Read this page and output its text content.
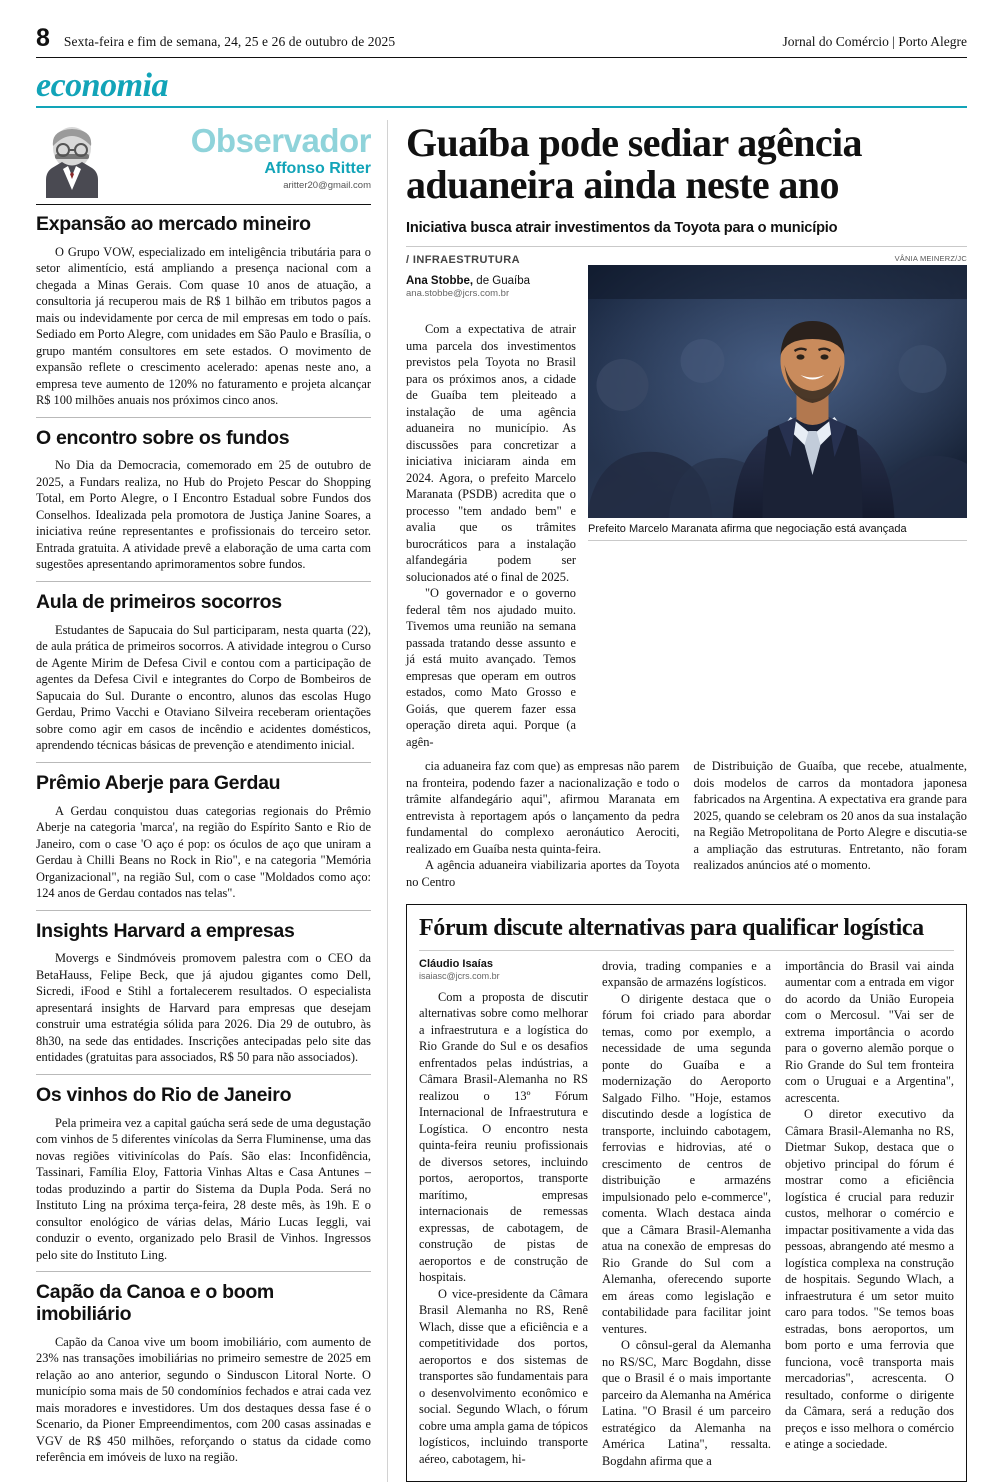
8 Sexta-feira e fim de semana, 24, 25 e 26 de outubro de 2025	Jornal do Comércio | Porto Alegre
economia
Observador
Affonso Ritter
aritter20@gmail.com
Expansão ao mercado mineiro
O Grupo VOW, especializado em inteligência tributária para o setor alimentício, está ampliando a presença nacional com a chegada a Minas Gerais. Com quase 10 anos de atuação, a consultoria já recuperou mais de R$ 1 bilhão em tributos pagos a mais ou indevidamente por cerca de mil empresas em todo o país. Sediado em Porto Alegre, com unidades em São Paulo e Brasília, o grupo mantém consultores em sete estados. O movimento de expansão reflete o crescimento acelerado: apenas neste ano, a empresa teve aumento de 120% no faturamento e projeta alcançar R$ 100 milhões anuais nos próximos cinco anos.
O encontro sobre os fundos
No Dia da Democracia, comemorado em 25 de outubro de 2025, a Fundars realiza, no Hub do Projeto Pescar do Shopping Total, em Porto Alegre, o I Encontro Estadual sobre Fundos dos Conselhos. Idealizada pela promotora de Justiça Janine Soares, a iniciativa reúne representantes e profissionais do terceiro setor. Entrada gratuita. A atividade prevê a elaboração de uma carta com sugestões apresentando aprimoramentos sobre fundos.
Aula de primeiros socorros
Estudantes de Sapucaia do Sul participaram, nesta quarta (22), de aula prática de primeiros socorros. A atividade integrou o Curso de Agente Mirim de Defesa Civil e contou com a participação de agentes da Defesa Civil e integrantes do Corpo de Bombeiros de Sapucaia do Sul. Durante o encontro, alunos das escolas Hugo Gerdau, Primo Vacchi e Otaviano Silveira receberam orientações sobre como agir em casos de incêndio e acidentes domésticos, aprendendo técnicas básicas de prevenção e atendimento inicial.
Prêmio Aberje para Gerdau
A Gerdau conquistou duas categorias regionais do Prêmio Aberje na categoria 'marca', na região do Espírito Santo e Rio de Janeiro, com o case 'O aço é pop: os óculos de aço que uniram a Gerdau à Chilli Beans no Rock in Rio", e na categoria "Memória Organizacional", na região Sul, com o case "Moldados como aço: 124 anos de Gerdau contados nas telas".
Insights Harvard a empresas
Movergs e Sindmóveis promovem palestra com o CEO da BetaHauss, Felipe Beck, que já ajudou gigantes como Dell, Sicredi, iFood e Stihl a fortalecerem resultados. O especialista apresentará insights de Harvard para empresas que desejam construir uma estratégia sólida para 2026. Dia 29 de outubro, às 8h30, na sede das entidades. Inscrições antecipadas pelo site das entidades (gratuitas para associados, R$ 50 para não associados).
Os vinhos do Rio de Janeiro
Pela primeira vez a capital gaúcha será sede de uma degustação com vinhos de 5 diferentes vinícolas da Serra Fluminense, uma das novas regiões vitivinícolas do País. São elas: Inconfidência, Tassinari, Família Eloy, Fattoria Vinhas Altas e Casa Antunes – todas produzindo a partir do Sistema da Dupla Poda. Será no Instituto Ling na próxima terça-feira, 28 deste mês, às 19h. E o consultor enológico de várias delas, Mário Lucas Ieggli, vai conduzir o evento, organizado pelo Brasil de Vinhos. Ingressos pelo site do Instituto Ling.
Capão da Canoa e o boom imobiliário
Capão da Canoa vive um boom imobiliário, com aumento de 23% nas transações imobiliárias no primeiro semestre de 2025 em relação ao ano anterior, segundo o Sinduscon Litoral Norte. O município soma mais de 50 condomínios fechados e atrai cada vez mais moradores e investidores. Um dos destaques dessa fase é o Scenario, da Pioner Empreendimentos, com 200 casas assinadas e VGV de R$ 450 milhões, reforçando o status da cidade como referência em imóveis de luxo na região.
Guaíba pode sediar agência aduaneira ainda neste ano
Iniciativa busca atrair investimentos da Toyota para o município
/ INFRAESTRUTURA
Ana Stobbe, de Guaíba
ana.stobbe@jcrs.com.br
Com a expectativa de atrair uma parcela dos investimentos previstos pela Toyota no Brasil para os próximos anos, a cidade de Guaíba tem pleiteado a instalação de uma agência aduaneira no município. As discussões para concretizar a iniciativa iniciaram ainda em 2024. Agora, o prefeito Marcelo Maranata (PSDB) acredita que o processo "tem andado bem" e avalia que os trâmites burocráticos para a instalação alfandegária podem ser solucionados até o final de 2025.
"O governador e o governo federal têm nos ajudado muito. Tivemos uma reunião na semana passada tratando desse assunto e já está muito avançado. Temos empresas que operam em outros estados, como Mato Grosso e Goiás, que querem fazer essa operação direta aqui. Porque (a agên-
VÂNIA MEINERZ/JC
Prefeito Marcelo Maranata afirma que negociação está avançada
cia aduaneira faz com que) as empresas não parem na fronteira, podendo fazer a nacionalização e todo o trâmite alfandegário aqui", afirmou Maranata em entrevista à reportagem após o lançamento da pedra fundamental do complexo aeronáutico Aerociti, realizado em Guaíba nesta quinta-feira.
A agência aduaneira viabilizaria aportes da Toyota no Centro
de Distribuição de Guaíba, que recebe, atualmente, dois modelos de carros da montadora japonesa fabricados na Argentina. A expectativa era grande para 2025, quando se celebram os 20 anos da sua instalação na Região Metropolitana de Porto Alegre e discutia-se a ampliação das estruturas. Entretanto, não foram realizados anúncios até o momento.
Fórum discute alternativas para qualificar logística
Cláudio Isaías
isaiasc@jcrs.com.br
Com a proposta de discutir alternativas sobre como melhorar a infraestrutura e a logística do Rio Grande do Sul e os desafios enfrentados pelas indústrias, a Câmara Brasil-Alemanha no RS realizou o 13º Fórum Internacional de Infraestrutura e Logística. O encontro nesta quinta-feira reuniu profissionais de diversos setores, incluindo portos, aeroportos, transporte marítimo, empresas internacionais de remessas expressas, de cabotagem, de construção de pistas de aeroportos e de construção de hospitais.
O vice-presidente da Câmara Brasil Alemanha no RS, Renê Wlach, disse que a eficiência e a competitividade dos portos, aeroportos e dos sistemas de transportes são fundamentais para o desenvolvimento econômico e social. Segundo Wlach, o fórum cobre uma ampla gama de tópicos logísticos, incluindo transporte aéreo, cabotagem, hi-
drovia, trading companies e a expansão de armazéns logísticos.
O dirigente destaca que o fórum foi criado para abordar temas, como por exemplo, a necessidade de uma segunda ponte do Guaíba e a modernização do Aeroporto Salgado Filho. "Hoje, estamos discutindo desde a logística de transporte, incluindo cabotagem, ferrovias e hidrovias, até o crescimento de centros de distribuição e armazéns impulsionado pelo e-commerce", comenta. Wlach destaca ainda que a Câmara Brasil-Alemanha atua na conexão de empresas do Rio Grande do Sul com a Alemanha, oferecendo suporte em áreas como legislação e contabilidade para facilitar joint ventures.
O cônsul-geral da Alemanha no RS/SC, Marc Bogdahn, disse que o Brasil é o mais importante parceiro da Alemanha na América Latina. "O Brasil é um parceiro estratégico da Alemanha na América Latina", ressalta. Bogdahn afirma que a
importância do Brasil vai ainda aumentar com a entrada em vigor do acordo da União Europeia com o Mercosul. "Vai ser de extrema importância o acordo para o governo alemão porque o Rio Grande do Sul tem fronteira com o Uruguai e a Argentina", acrescenta.
O diretor executivo da Câmara Brasil-Alemanha no RS, Dietmar Sukop, destaca que o objetivo principal do fórum é mostrar como a eficiência logística é crucial para reduzir custos, melhorar o comércio e impactar positivamente a vida das pessoas, abrangendo até mesmo a logística complexa na construção de hospitais. Segundo Wlach, a infraestrutura é um setor muito caro para todos. "Se temos boas estradas, bons aeroportos, um bom porto e uma ferrovia que funciona, você transporta mais mercadorias", acrescenta. O resultado, conforme o dirigente da Câmara, será a redução dos preços e isso melhora o comércio e atinge a sociedade.
